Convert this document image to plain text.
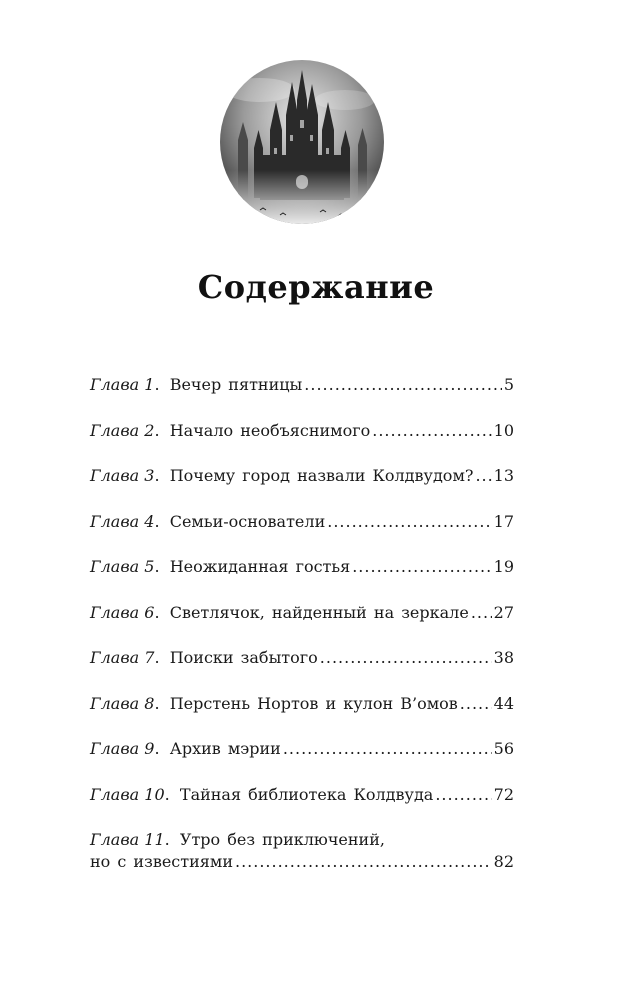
Содержание
Глава 1 . Вечер пятницы .....	5
Глава 2 . Начало необъяснимого .....	10
Глава 3 . Почему город назвали Колдвудом? ..... 13
Глава 4 . Семьи-основатели .....	17
Глава 5 . Неожиданная гостья .....	19
Глава 6 . Светлячок, найденный на зеркале ..... 27
Глава 7 . Поиски забытого .....	38
Глава 8 . Перстень Нортов и кулон В’омов ..... 44
Глава 9 . Архив мэрии .....	56
Глава 10 . Тайная библиотека Колдвуда .....	72
Глава 11 . Утро без приключений,
но с известиями .....	82
